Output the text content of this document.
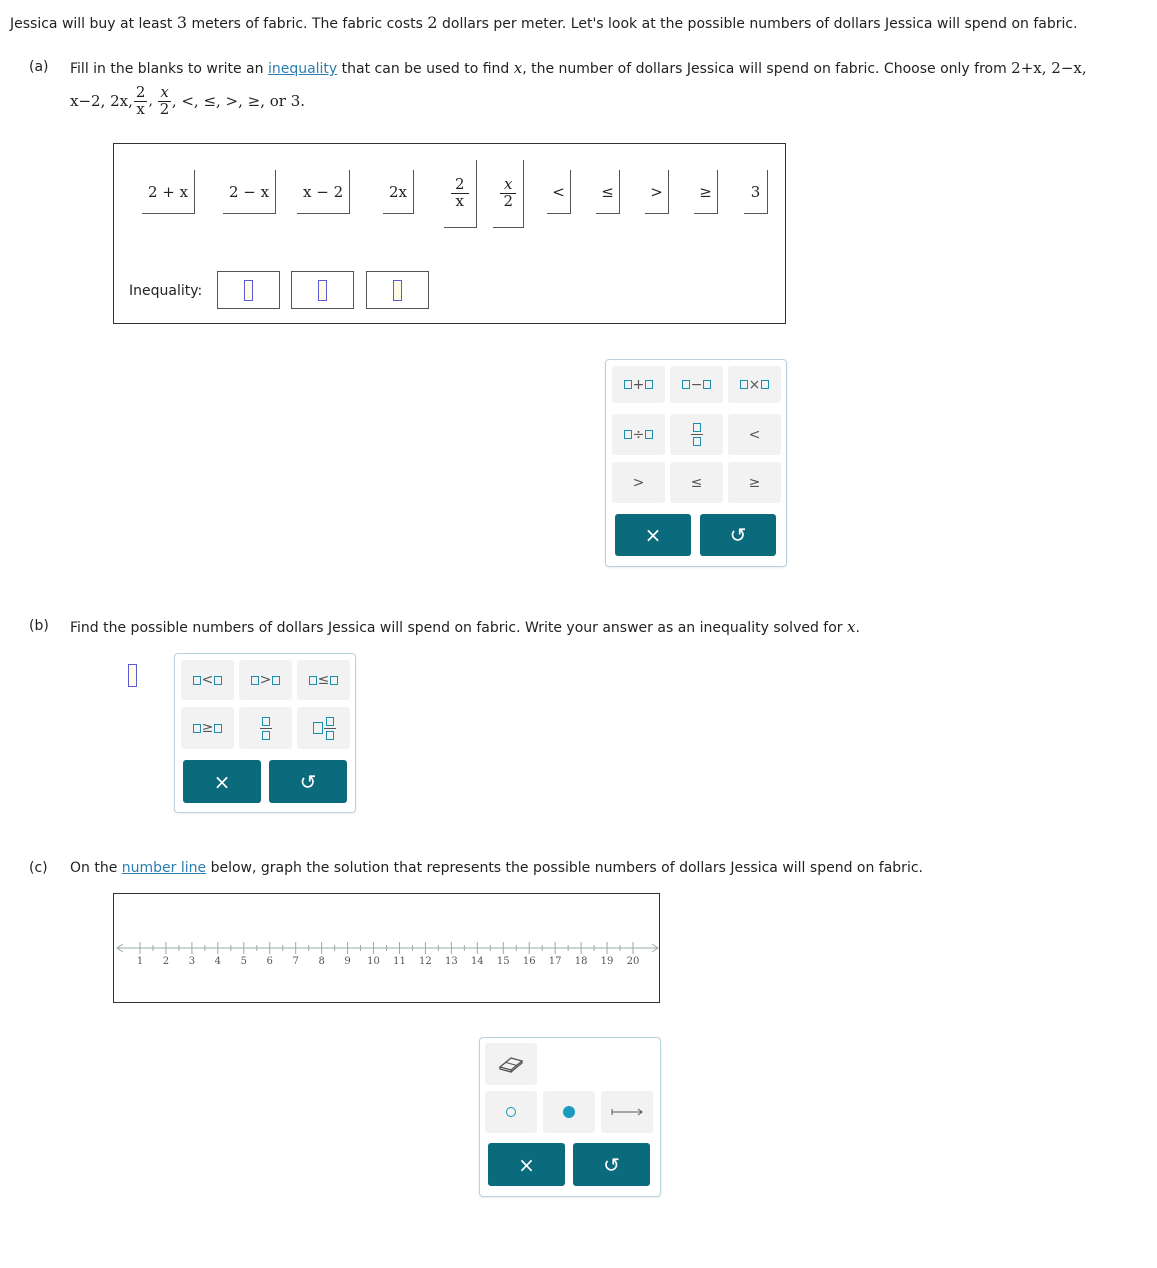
Jessica will buy at least 3 meters of fabric. The fabric costs 2 dollars per meter. Let's look at the possible numbers of dollars Jessica will spend on fabric.
(a) Fill in the blanks to write an inequality that can be used to find x, the number of dollars Jessica will spend on fabric. Choose only from 2+x, 2−x,
x−2, 2x, $\frac{2}{x}$ , $\frac{x}{2}$ , <, ≤, >, ≥, or 3.
2 + x	2 − x	x − 2	2x	$\frac{2}{x} \frac{x}{2}$	<	≤	>	≥	3
Inequality:
+	−	×
÷	<
>	≤	≥
×	↺
(b) Find the possible numbers of dollars Jessica will spend on fabric. Write your answer as an inequality solved for x.
<	>	≤
≥
×	↺
(c) On the number line below, graph the solution that represents the possible numbers of dollars Jessica will spend on fabric.
1	2	3	4	5	6	7	8	9	10	11	12	13	14	15	16	17	18	19	20
×	↺
